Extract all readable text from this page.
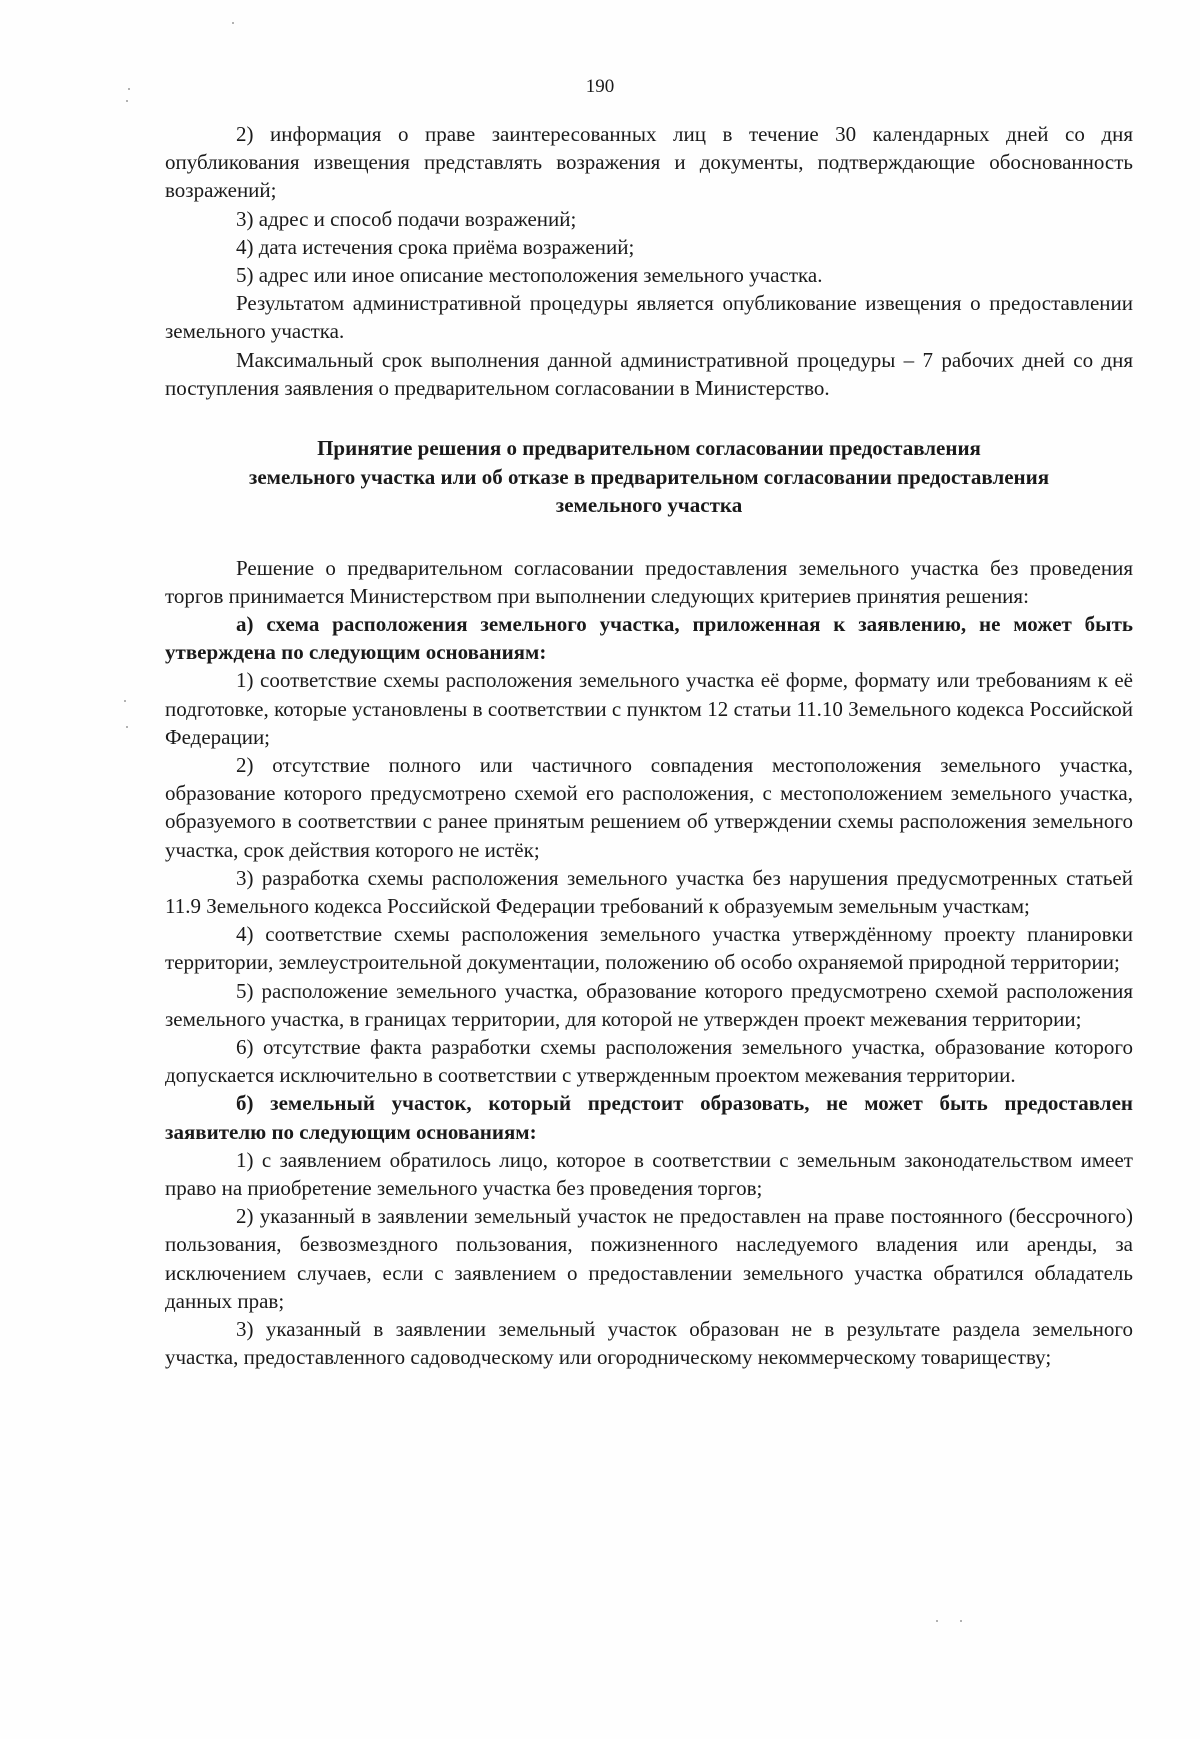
190

2) информация о праве заинтересованных лиц в течение 30 календарных дней со дня опубликования извещения представлять возражения и документы, подтверждающие обоснованность возражений;

3) адрес и способ подачи возражений;

4) дата истечения срока приёма возражений;

5) адрес или иное описание местоположения земельного участка.

Результатом административной процедуры является опубликование извещения о предоставлении земельного участка.

Максимальный срок выполнения данной административной процедуры – 7 рабочих дней со дня поступления заявления о предварительном согласовании в Министерство.

Принятие решения о предварительном согласовании предоставления
земельного участка или об отказе в предварительном согласовании предоставления
земельного участка

Решение о предварительном согласовании предоставления земельного участка без проведения торгов принимается Министерством при выполнении следующих критериев принятия решения:

а) схема расположения земельного участка, приложенная к заявлению, не может быть утверждена по следующим основаниям:

1) соответствие схемы расположения земельного участка её форме, формату или требованиям к её подготовке, которые установлены в соответствии с пунктом 12 статьи 11.10 Земельного кодекса Российской Федерации;

2) отсутствие полного или частичного совпадения местоположения земельного участка, образование которого предусмотрено схемой его расположения, с местоположением земельного участка, образуемого в соответствии с ранее принятым решением об утверждении схемы расположения земельного участка, срок действия которого не истёк;

3) разработка схемы расположения земельного участка без нарушения предусмотренных статьей 11.9 Земельного кодекса Российской Федерации требований к образуемым земельным участкам;

4) соответствие схемы расположения земельного участка утверждённому проекту планировки территории, землеустроительной документации, положению об особо охраняемой природной территории;

5) расположение земельного участка, образование которого предусмотрено схемой расположения земельного участка, в границах территории, для которой не утвержден проект межевания территории;

6) отсутствие факта разработки схемы расположения земельного участка, образование которого допускается исключительно в соответствии с утвержденным проектом межевания территории.

б) земельный участок, который предстоит образовать, не может быть предоставлен заявителю по следующим основаниям:

1) с заявлением обратилось лицо, которое в соответствии с земельным законодательством имеет право на приобретение земельного участка без проведения торгов;

2) указанный в заявлении земельный участок не предоставлен на праве постоянного (бессрочного) пользования, безвозмездного пользования, пожизненного наследуемого владения или аренды, за исключением случаев, если с заявлением о предоставлении земельного участка обратился обладатель данных прав;

3) указанный в заявлении земельный участок образован не в результате раздела земельного участка, предоставленного садоводческому или огородническому некоммерческому товариществу;
